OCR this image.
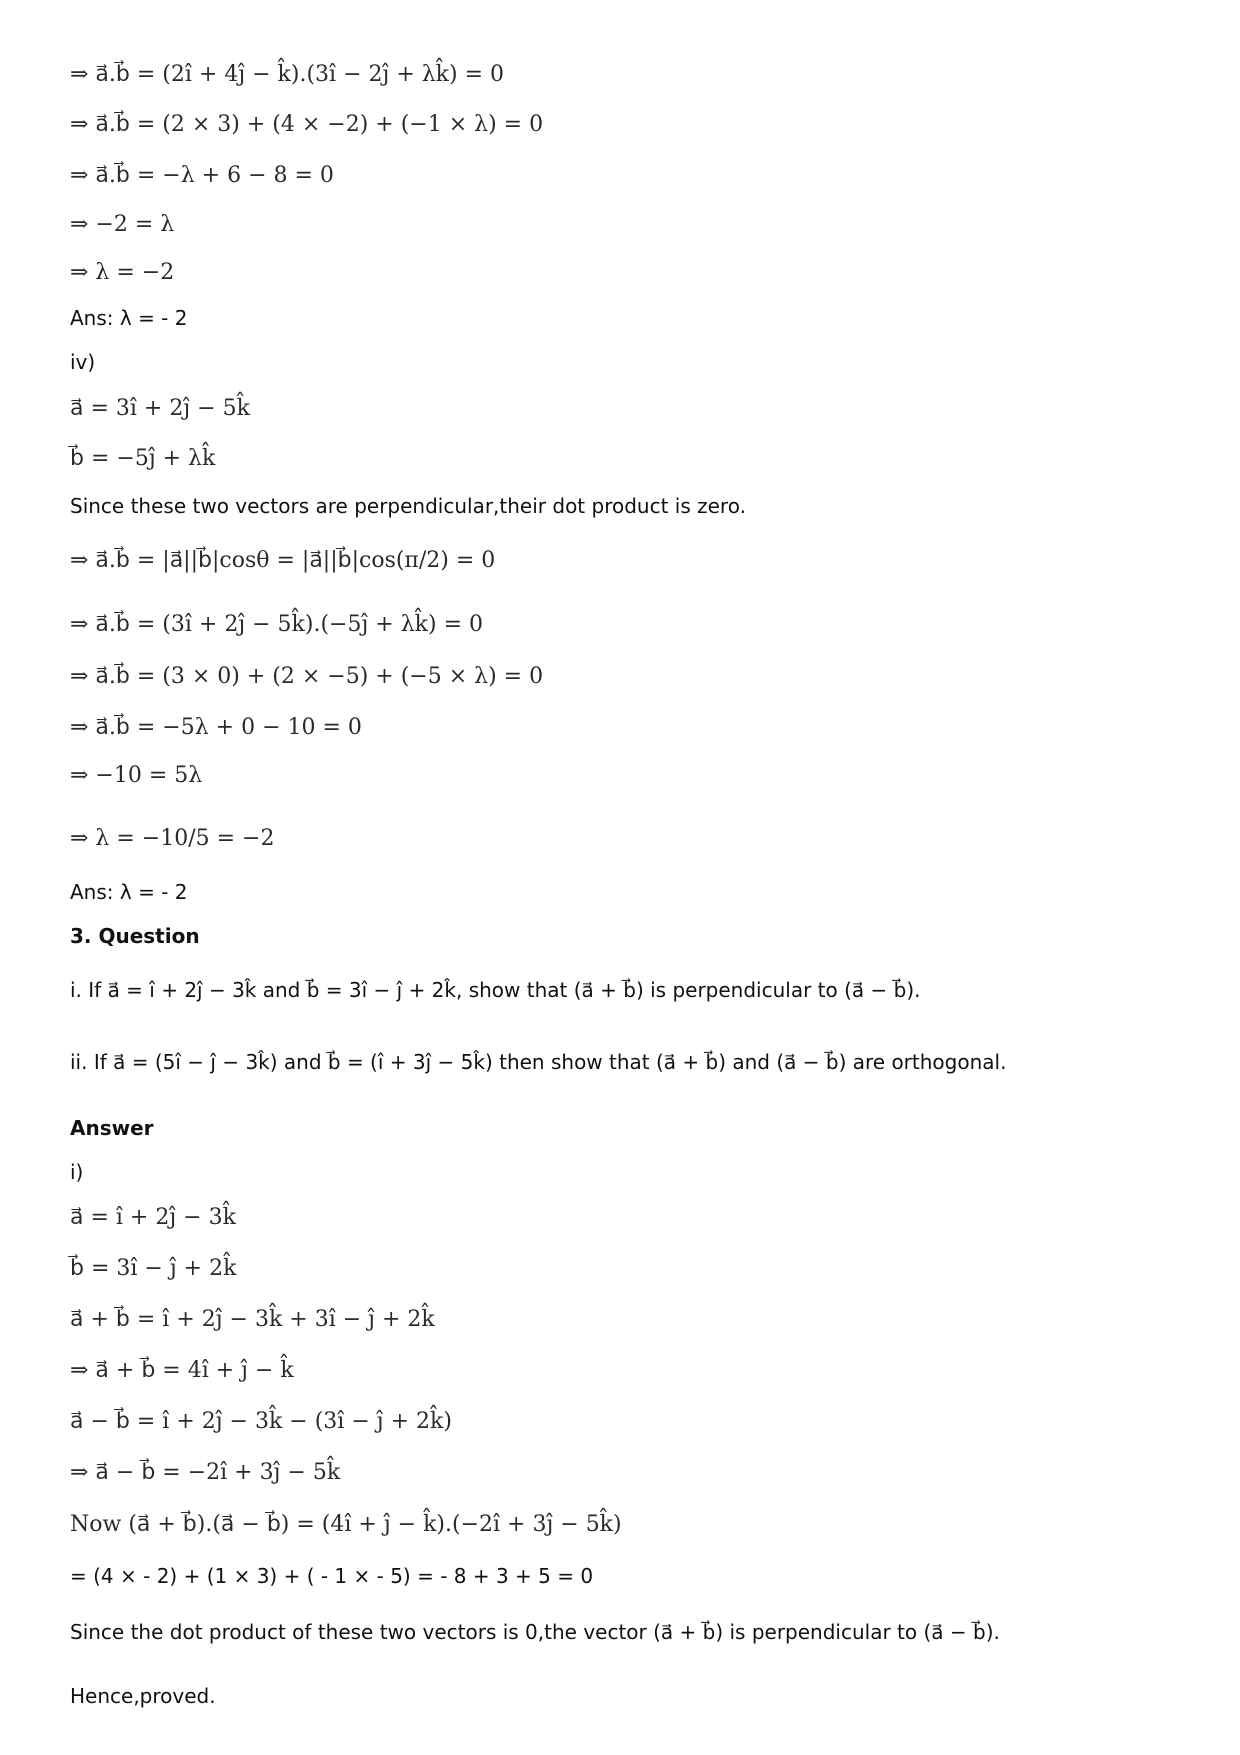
⇒ a⃗.b⃗ = (2î + 4ĵ − k̂).(3î − 2ĵ + λk̂) = 0
⇒ a⃗.b⃗ = (2 × 3) + (4 × −2) + (−1 × λ) = 0
⇒ a⃗.b⃗ = −λ + 6 − 8 = 0
⇒ −2 = λ
⇒ λ = −2
Ans: λ = - 2
iv)
a⃗ = 3î + 2ĵ − 5k̂
b⃗ = −5ĵ + λk̂
Since these two vectors are perpendicular,their dot product is zero.
⇒ a⃗.b⃗ = |a⃗||b⃗|cosθ = |a⃗||b⃗|cos(π/2) = 0
⇒ a⃗.b⃗ = (3î + 2ĵ − 5k̂).(−5ĵ + λk̂) = 0
⇒ a⃗.b⃗ = (3 × 0) + (2 × −5) + (−5 × λ) = 0
⇒ a⃗.b⃗ = −5λ + 0 − 10 = 0
⇒ −10 = 5λ
⇒ λ = −10/5 = −2
Ans: λ = - 2
3. Question
i. If a⃗ = î + 2ĵ − 3k̂ and b⃗ = 3î − ĵ + 2k̂, show that (a⃗ + b⃗) is perpendicular to (a⃗ − b⃗).
ii. If a⃗ = (5î − ĵ − 3k̂) and b⃗ = (î + 3ĵ − 5k̂) then show that (a⃗ + b⃗) and (a⃗ − b⃗) are orthogonal.
Answer
i)
a⃗ = î + 2ĵ − 3k̂
b⃗ = 3î − ĵ + 2k̂
a⃗ + b⃗ = î + 2ĵ − 3k̂ + 3î − ĵ + 2k̂
⇒ a⃗ + b⃗ = 4î + ĵ − k̂
a⃗ − b⃗ = î + 2ĵ − 3k̂ − (3î − ĵ + 2k̂)
⇒ a⃗ − b⃗ = −2î + 3ĵ − 5k̂
Now (a⃗ + b⃗).(a⃗ − b⃗) = (4î + ĵ − k̂).(−2î + 3ĵ − 5k̂)
= (4 × - 2) + (1 × 3) + ( - 1 × - 5) = - 8 + 3 + 5 = 0
Since the dot product of these two vectors is 0,the vector (a⃗ + b⃗) is perpendicular to (a⃗ − b⃗).
Hence,proved.
